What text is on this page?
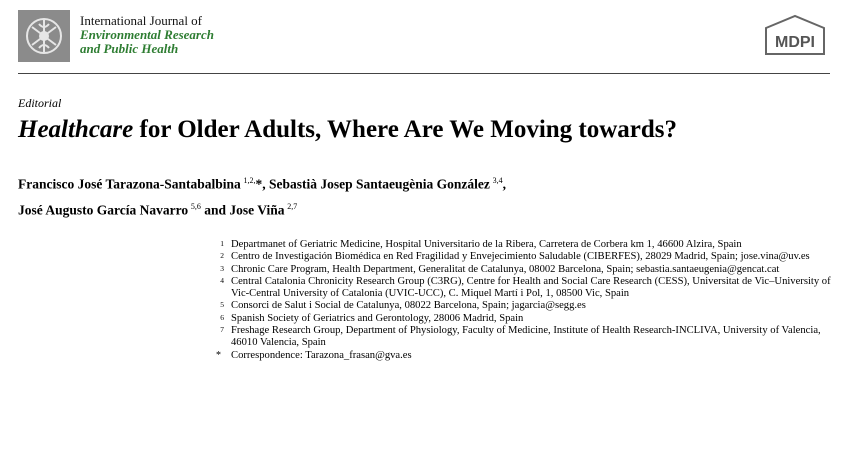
International Journal of
Environmental Research
and Public Health	MDPI
Editorial
Healthcare for Older Adults, Where Are We Moving towards?
Francisco José Tarazona-Santabalbina  $^{1,2,}$*, Sebastià Josep Santaeugènia González  $^{3,4}$,
José Augusto García Navarro  $^{5,6}$ and Jose Viña  $^{2,7}$
1 Departmanet of Geriatric Medicine, Hospital Universitario de la Ribera, Carretera de Corbera km 1, 46600 Alzira, Spain
2 Centro de Investigación Biomédica en Red Fragilidad y Envejecimiento Saludable (CIBERFES), 28029 Madrid, Spain; jose.vina@uv.es
3 Chronic Care Program, Health Department, Generalitat de Catalunya, 08002 Barcelona, Spain; sebastia.santaeugenia@gencat.cat
4 Central Catalonia Chronicity Research Group (C3RG), Centre for Health and Social Care Research (CESS), Universitat de Vic–University of Vic-Central University of Catalonia (UVIC-UCC), C. Miquel Martí i Pol, 1, 08500 Vic, Spain
5 Consorci de Salut i Social de Catalunya, 08022 Barcelona, Spain; jagarcia@segg.es
6 Spanish Society of Geriatrics and Gerontology, 28006 Madrid, Spain
7 Freshage Research Group, Department of Physiology, Faculty of Medicine, Institute of Health Research-INCLIVA, University of Valencia, 46010 Valencia, Spain
* Correspondence: Tarazona_frasan@gva.es
